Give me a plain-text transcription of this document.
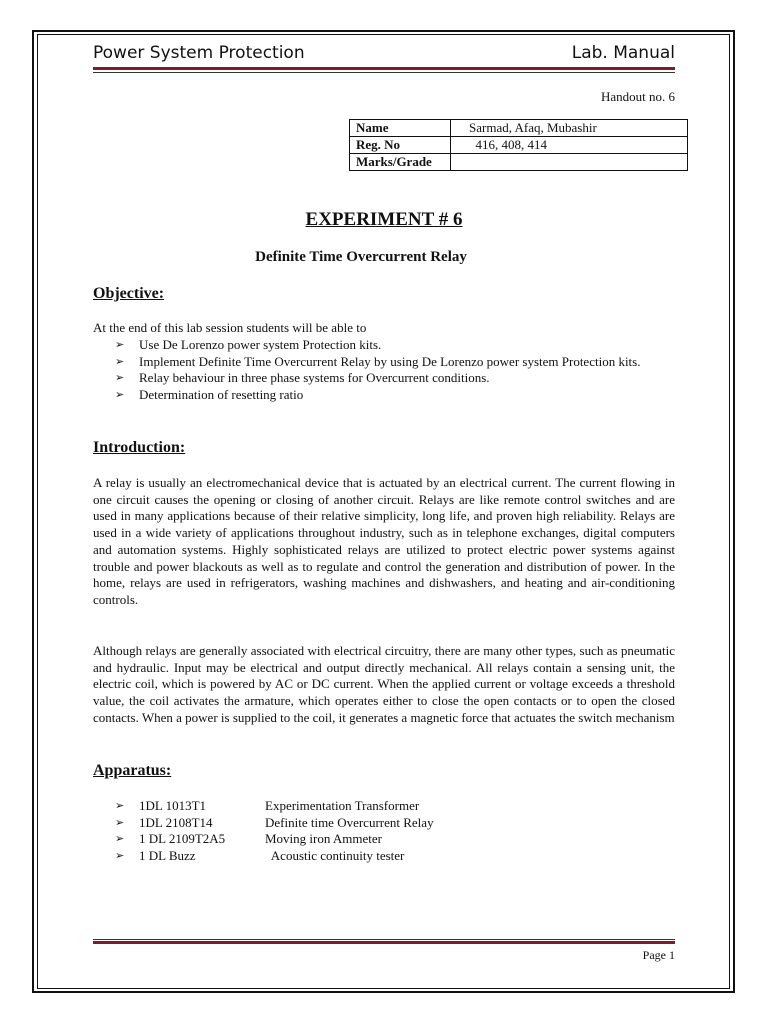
Power System Protection	Lab. Manual
Handout no. 6
Name	Sarmad, Afaq, Mubashir
Reg. No	416, 408, 414
Marks/Grade	
EXPERIMENT # 6
Definite Time Overcurrent Relay
Objective:
At the end of this lab session students will be able to
➢ Use De Lorenzo power system Protection kits.
➢ Implement Definite Time Overcurrent Relay by using De Lorenzo power system Protection kits.
➢ Relay behaviour in three phase systems for Overcurrent conditions.
➢ Determination of resetting ratio
Introduction:
A relay is usually an electromechanical device that is actuated by an electrical current. The current flowing in one circuit causes the opening or closing of another circuit. Relays are like remote control switches and are used in many applications because of their relative simplicity, long life, and proven high reliability. Relays are used in a wide variety of applications throughout industry, such as in telephone exchanges, digital computers and automation systems. Highly sophisticated relays are utilized to protect electric power systems against trouble and power blackouts as well as to regulate and control the generation and distribution of power. In the home, relays are used in refrigerators, washing machines and dishwashers, and heating and air-conditioning controls.
Although relays are generally associated with electrical circuitry, there are many other types, such as pneumatic and hydraulic. Input may be electrical and output directly mechanical. All relays contain a sensing unit, the electric coil, which is powered by AC or DC current. When the applied current or voltage exceeds a threshold value, the coil activates the armature, which operates either to close the open contacts or to open the closed contacts. When a power is supplied to the coil, it generates a magnetic force that actuates the switch mechanism
Apparatus:
➢ 1DL 1013T1	Experimentation Transformer
➢ 1DL 2108T14	Definite time Overcurrent Relay
➢ 1 DL 2109T2A5	Moving iron Ammeter
➢ 1 DL Buzz	Acoustic continuity tester
Page 1
